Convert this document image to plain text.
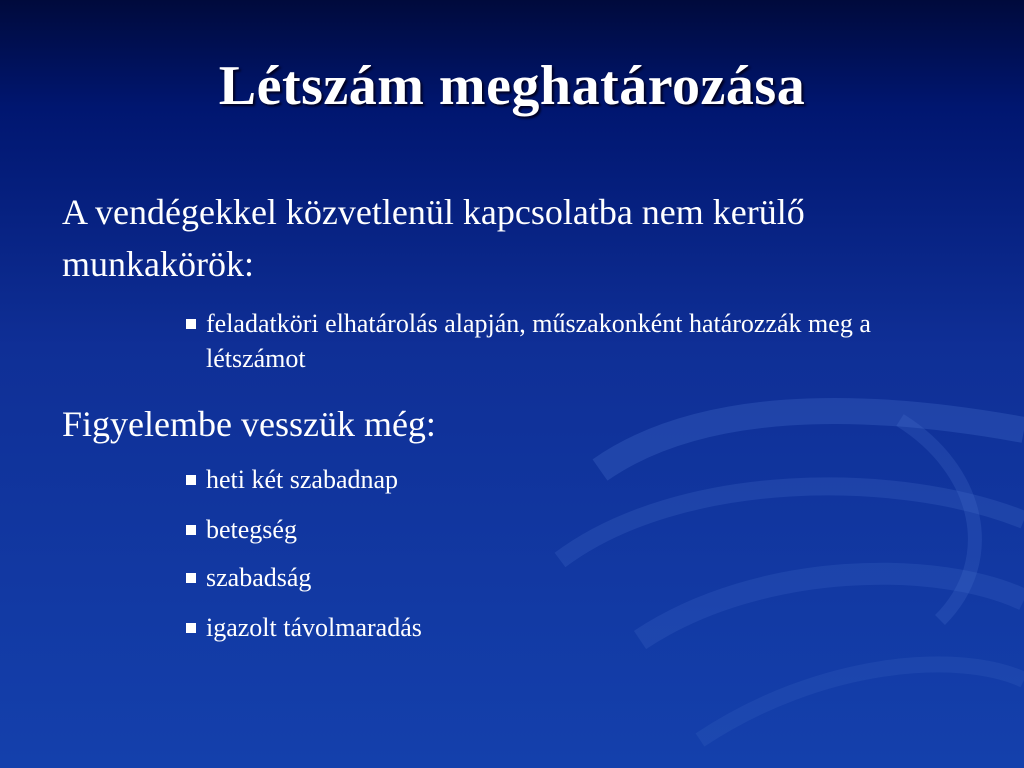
Létszám meghatározása
A vendégekkel közvetlenül kapcsolatba nem kerülő munkakörök:
feladatköri elhatárolás alapján, műszakonként határozzák meg a létszámot
Figyelembe vesszük még:
heti két szabadnap
betegség
szabadság
igazolt távolmaradás
